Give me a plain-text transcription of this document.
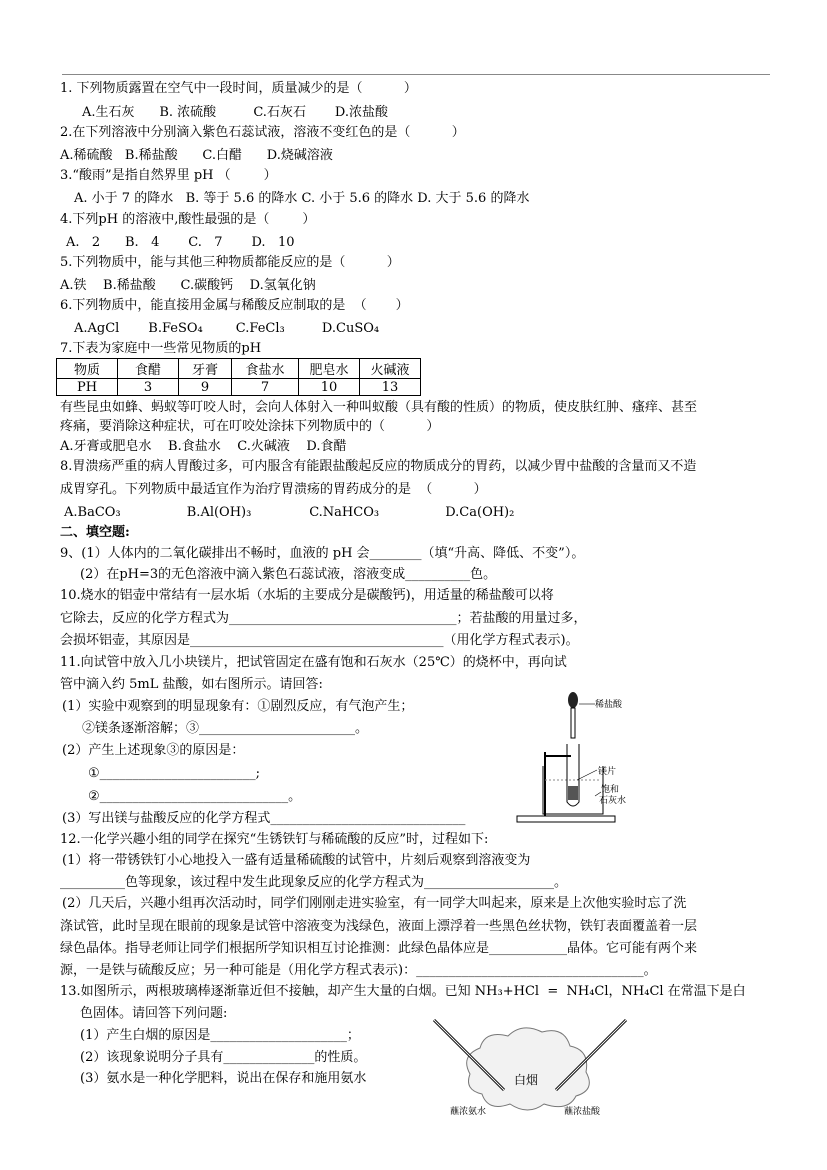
1. 下列物质露置在空气中一段时间，质量减少的是（          ）
A.生石灰      B. 浓硫酸         C.石灰石       D.浓盐酸
2.在下列溶液中分别滴入紫色石蕊试液，溶液不变红色的是（          ）
A.稀硫酸   B.稀盐酸      C.白醋      D.烧碱溶液
3.“酸雨”是指自然界里 pH （        ）
A. 小于 7 的降水   B. 等于 5.6 的降水 C. 小于 5.6 的降水 D. 大于 5.6 的降水
4.下列pH 的溶液中,酸性最强的是（        ）
A.   2      B.   4       C.   7       D.   10
5.下列物质中，能与其他三种物质都能反应的是（          ）
A.铁    B.稀盐酸      C.碳酸钙    D.氢氧化钠
6.下列物质中，能直接用金属与稀酸反应制取的是  （       ）
A.AgCl       B.FeSO₄        C.FeCl₃         D.CuSO₄
7.下表为家庭中一些常见物质的pH
有些昆虫如蜂、蚂蚁等叮咬人时，会向人体射入一种叫蚁酸（具有酸的性质）的物质，使皮肤红肿、瘙痒、甚至
疼痛，要消除这种症状，可在叮咬处涂抹下列物质中的（          ）
A.牙膏或肥皂水    B.食盐水    C.火碱液    D.食醋
8.胃溃疡严重的病人胃酸过多，可内服含有能跟盐酸起反应的物质成分的胃药，以减少胃中盐酸的含量而又不造
成胃穿孔。下列物质中最适宜作为治疗胃溃疡的胃药成分的是  （          ）
A.BaCO₃                B.Al(OH)₃              C.NaHCO₃                D.Ca(OH)₂
二、填空题:
9、(1）人体内的二氧化碳排出不畅时，血液的 pH 会________（填“升高、降低、不变”）。
(2）在pH=3的无色溶液中滴入紫色石蕊试液，溶液变成__________色。
10.烧水的铝壶中常结有一层水垢（水垢的主要成分是碳酸钙)，用适量的稀盐酸可以将
它除去，反应的化学方程式为___________________________________；若盐酸的用量过多，
会损坏铝壶，其原因是_______________________________________（用化学方程式表示)。
11.向试管中放入几小块镁片，把试管固定在盛有饱和石灰水（25℃）的烧杯中，再向试
管中滴入约 5mL 盐酸，如右图所示。请回答:
(1）实验中观察到的明显现象有：①剧烈反应，有气泡产生；
②镁条逐渐溶解；③________________________。
(2）产生上述现象③的原因是：
①________________________;
②_____________________________。
(3）写出镁与盐酸反应的化学方程式______________________________
12.一化学兴趣小组的同学在探究“生锈铁钉与稀硫酸的反应”时，过程如下:
(1）将一带锈铁钉小心地投入一盛有适量稀硫酸的试管中，片刻后观察到溶液变为
__________色等现象，该过程中发生此现象反应的化学方程式为____________________。
(2）几天后，兴趣小组再次活动时，同学们刚刚走进实验室，有一同学大叫起来，原来是上次他实验时忘了洗
涤试管，此时呈现在眼前的现象是试管中溶液变为浅绿色，液面上漂浮着一些黑色丝状物，铁钉表面覆盖着一层
绿色晶体。指导老师让同学们根据所学知识相互讨论推测：此绿色晶体应是____________晶体。它可能有两个来
源，一是铁与硫酸反应；另一种可能是（用化学方程式表示)：___________________________________。
13.如图所示，两根玻璃棒逐渐靠近但不接触，却产生大量的白烟。已知 NH₃+HCl  =  NH₄Cl，NH₄Cl 在常温下是白
色固体。请回答下列问题:
(1）产生白烟的原因是_____________________；
(2）该现象说明分子具有______________的性质。
(3）氨水是一种化学肥料，说出在保存和施用氨水
物质	食醋	牙膏	食盐水	肥皂水	火碱液
PH	3	9	7	10	13
稀盐酸
镁片
饱和
石灰水
白烟
蘸浓氨水	蘸浓盐酸
